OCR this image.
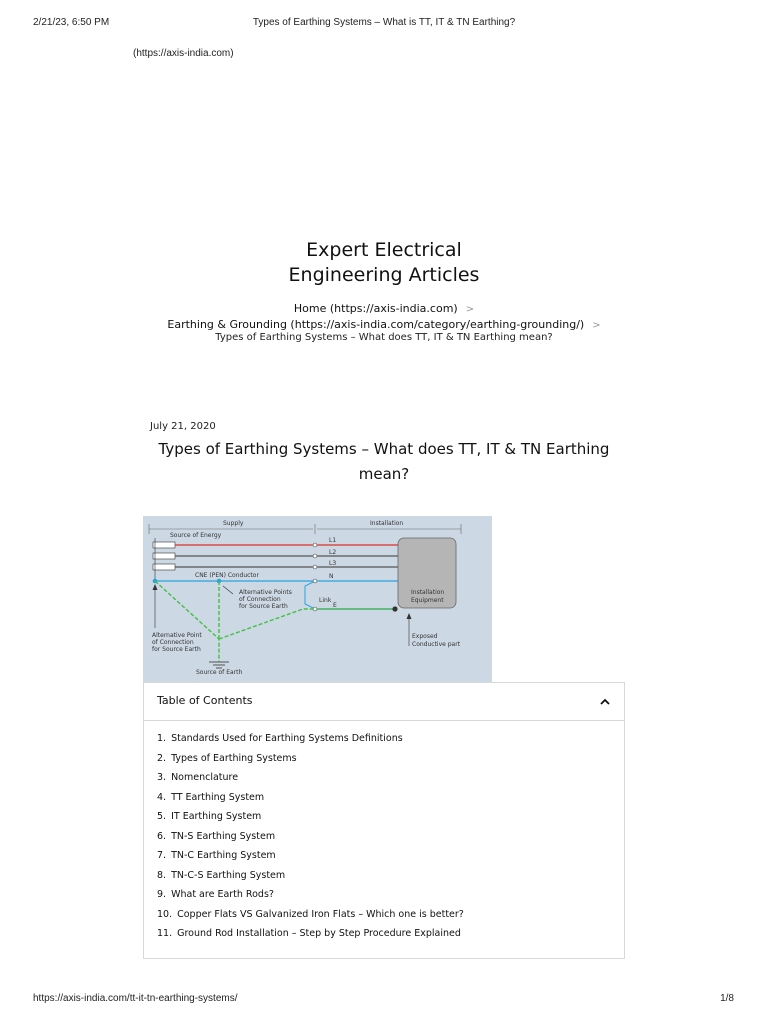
2/21/23, 6:50 PM	Types of Earthing Systems – What is TT, IT & TN Earthing?
(https://axis-india.com)
Expert Electrical
Engineering Articles
Home (https://axis-india.com) >
Earthing & Grounding (https://axis-india.com/category/earthing-grounding/) >
Types of Earthing Systems – What does TT, IT & TN Earthing mean?
July 21, 2020
Types of Earthing Systems – What does TT, IT & TN Earthing mean?
Supply	Installation
Source of Energy
L1
L2
L3
N
Link
E
CNE (PEN) Conductor
Installation
Equipment
Exposed
Conductive part
Alternative Points
of Connection
for Source Earth
Alternative Point
of Connection
for Source Earth
Source of Earth
Table of Contents
1. Standards Used for Earthing Systems Definitions
2. Types of Earthing Systems
3. Nomenclature
4. TT Earthing System
5. IT Earthing System
6. TN-S Earthing System
7. TN-C Earthing System
8. TN-C-S Earthing System
9. What are Earth Rods?
10. Copper Flats VS Galvanized Iron Flats – Which one is better?
11. Ground Rod Installation – Step by Step Procedure Explained
https://axis-india.com/tt-it-tn-earthing-systems/	1/8
